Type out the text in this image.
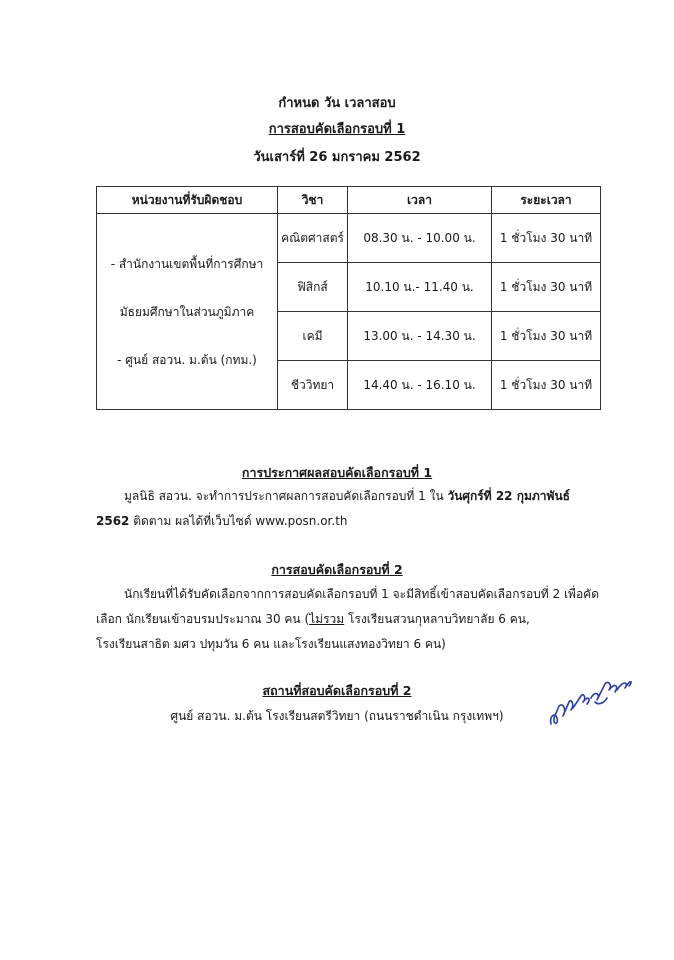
กำหนด วัน เวลาสอบ
การสอบคัดเลือกรอบที่ 1
วันเสาร์ที่ 26 มกราคม 2562
หน่วยงานที่รับผิดชอบ	วิชา	เวลา	ระยะเวลา

- สำนักงานเขตพื้นที่การศึกษา
มัธยมศึกษาในส่วนภูมิภาค
- ศูนย์ สอวน. ม.ต้น (กทม.)	คณิตศาสตร์	08.30 น. - 10.00 น.	1 ชั่วโมง 30 นาที
	ฟิสิกส์	10.10 น.- 11.40 น.	1 ชั่วโมง 30 นาที
	เคมี	13.00 น. - 14.30 น.	1 ชั่วโมง 30 นาที
	ชีววิทยา	14.40 น. - 16.10 น.	1 ชั่วโมง 30 นาที
การประกาศผลสอบคัดเลือกรอบที่ 1
มูลนิธิ สอวน. จะทำการประกาศผลการสอบคัดเลือกรอบที่ 1 ใน วันศุกร์ที่ 22 กุมภาพันธ์ 2562 ติดตาม ผลได้ที่เว็บไซด์ www.posn.or.th
การสอบคัดเลือกรอบที่ 2
นักเรียนที่ได้รับคัดเลือกจากการสอบคัดเลือกรอบที่ 1 จะมีสิทธิ์เข้าสอบคัดเลือกรอบที่ 2 เพื่อคัดเลือก นักเรียนเข้าอบรมประมาณ 30 คน (ไม่รวม โรงเรียนสวนกุหลาบวิทยาลัย 6 คน, โรงเรียนสาธิต มศว ปทุมวัน 6 คน และโรงเรียนแสงทองวิทยา 6 คน)
สถานที่สอบคัดเลือกรอบที่ 2
ศูนย์ สอวน. ม.ต้น โรงเรียนสตรีวิทยา (ถนนราชดำเนิน กรุงเทพฯ)
